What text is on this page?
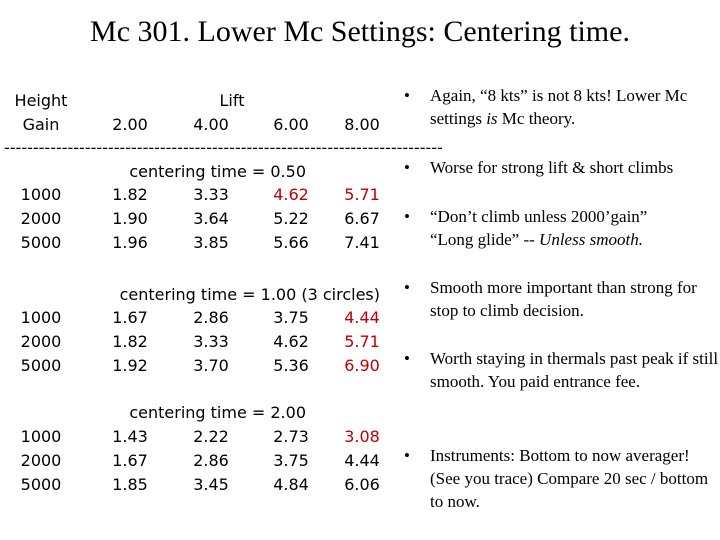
Mc 301. Lower Mc Settings: Centering time.
Height
Gain
Lift
2.00	4.00	6.00 8.00
----------------------------------------------------------------------------
centering time = 0.50
1000	1.82	3.33	4.62 5.71
2000	1.90	3.64	5.22 6.67
5000	1.96	3.85	5.66 7.41
centering time = 1.00 (3 circles)
1000	1.67	2.86	3.75 4.44
2000	1.82	3.33	4.62 5.71
5000	1.92	3.70	5.36 6.90
centering time = 2.00
1000	1.43	2.22	2.73 3.08
2000	1.67	2.86	3.75 4.44
5000	1.85	3.45	4.84 6.06
• Again, “8 kts” is not 8 kts! Lower Mc settings is Mc theory.
• Worse for strong lift & short climbs
• “Don’t climb unless 2000’gain” “Long glide” -- Unless smooth.
• Smooth more important than strong for stop to climb decision.
• Worth staying in thermals past peak if still smooth. You paid entrance fee.
• Instruments: Bottom to now averager! (See you trace) Compare 20 sec / bottom to now.
